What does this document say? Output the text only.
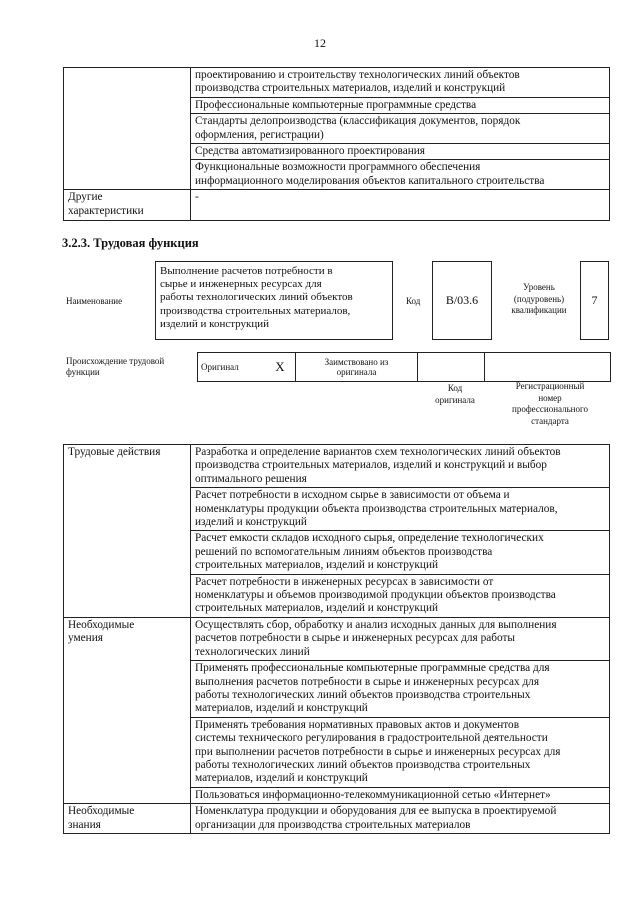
12

	проектированию и строительству технологических линий объектов
производства строительных материалов, изделий и конструкций

	Профессиональные компьютерные программные средства

	Стандарты делопроизводства (классификация документов, порядок
оформления, регистрации)

	Средства автоматизированного проектирования

	Функциональные возможности программного обеспечения
информационного моделирования объектов капитального строительства

Другие
характеристики	-
3.2.3. Трудовая функция
Наименование
Выполнение расчетов потребности в
сырье и инженерных ресурсах для
работы технологических линий объектов
производства строительных материалов,
изделий и конструкций
Код	B/03.6
Уровень
(подуровень)
квалификации
7
Происхождение трудовой
функции	Оригинал	X	Заимствовано из
оригинала

Код
оригинала
Регистрационный
номер
профессионального
стандарта
Трудовые действия	Разработка и определение вариантов схем технологических линий объектов
производства строительных материалов, изделий и конструкций и выбор
оптимального решения

	Расчет потребности в исходном сырье в зависимости от объема и
номенклатуры продукции объекта производства строительных материалов,
изделий и конструкций

	Расчет емкости складов исходного сырья, определение технологических
решений по вспомогательным линиям объектов производства
строительных материалов, изделий и конструкций

	Расчет потребности в инженерных ресурсах в зависимости от
номенклатуры и объемов производимой продукции объектов производства
строительных материалов, изделий и конструкций

Необходимые
умения	Осуществлять сбор, обработку и анализ исходных данных для выполнения
расчетов потребности в сырье и инженерных ресурсах для работы
технологических линий

	Применять профессиональные компьютерные программные средства для
выполнения расчетов потребности в сырье и инженерных ресурсах для
работы технологических линий объектов производства строительных
материалов, изделий и конструкций

	Применять требования нормативных правовых актов и документов
системы технического регулирования в градостроительной деятельности
при выполнении расчетов потребности в сырье и инженерных ресурсах для
работы технологических линий объектов производства строительных
материалов, изделий и конструкций

	Пользоваться информационно-телекоммуникационной сетью «Интернет»

Необходимые
знания	Номенклатура продукции и оборудования для ее выпуска в проектируемой
организации для производства строительных материалов
